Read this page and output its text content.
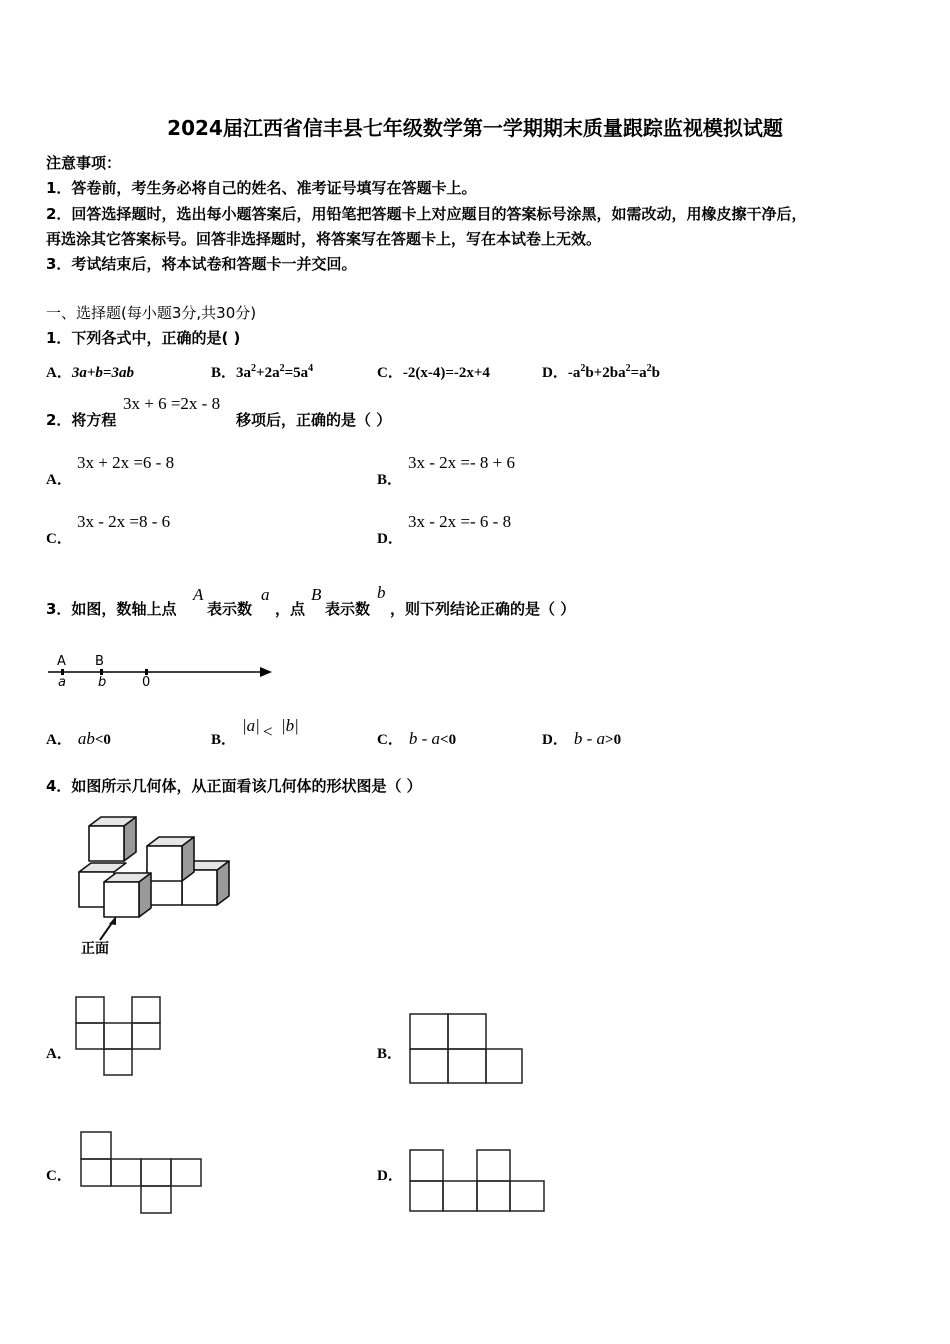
2024届江西省信丰县七年级数学第一学期期末质量跟踪监视模拟试题
注意事项：
1．答卷前，考生务必将自己的姓名、准考证号填写在答题卡上。
2．回答选择题时，选出每小题答案后，用铅笔把答题卡上对应题目的答案标号涂黑，如需改动，用橡皮擦干净后，
再选涂其它答案标号。回答非选择题时，将答案写在答题卡上，写在本试卷上无效。
3．考试结束后，将本试卷和答题卡一并交回。
一、选择题(每小题3分,共30分)
1．下列各式中，正确的是( )
A．3a+b=3ab	B．$3a^2+2a^2=5a^4$	C．-2(x-4)=-2x+4	D．$-a^2b+2ba^2=a^2b$
2．将方程
3x + 6 =2x - 8
移项后，正确的是（ ）
A．
3x + 2x =6 - 8
B．
3x - 2x =- 8 + 6
C．
3x - 2x =8 - 6
D．
3x - 2x =- 6 - 8
3．如图，数轴上点
A
表示数
a
，点
B
表示数
b
，则下列结论正确的是（ ）
A B
a b	0
A． ab<0	B．
|a| < |b|
C． b - a<0	D． b - a>0
4．如图所示几何体，从正面看该几何体的形状图是（ ）
正面
A．	B．
C．	D．
